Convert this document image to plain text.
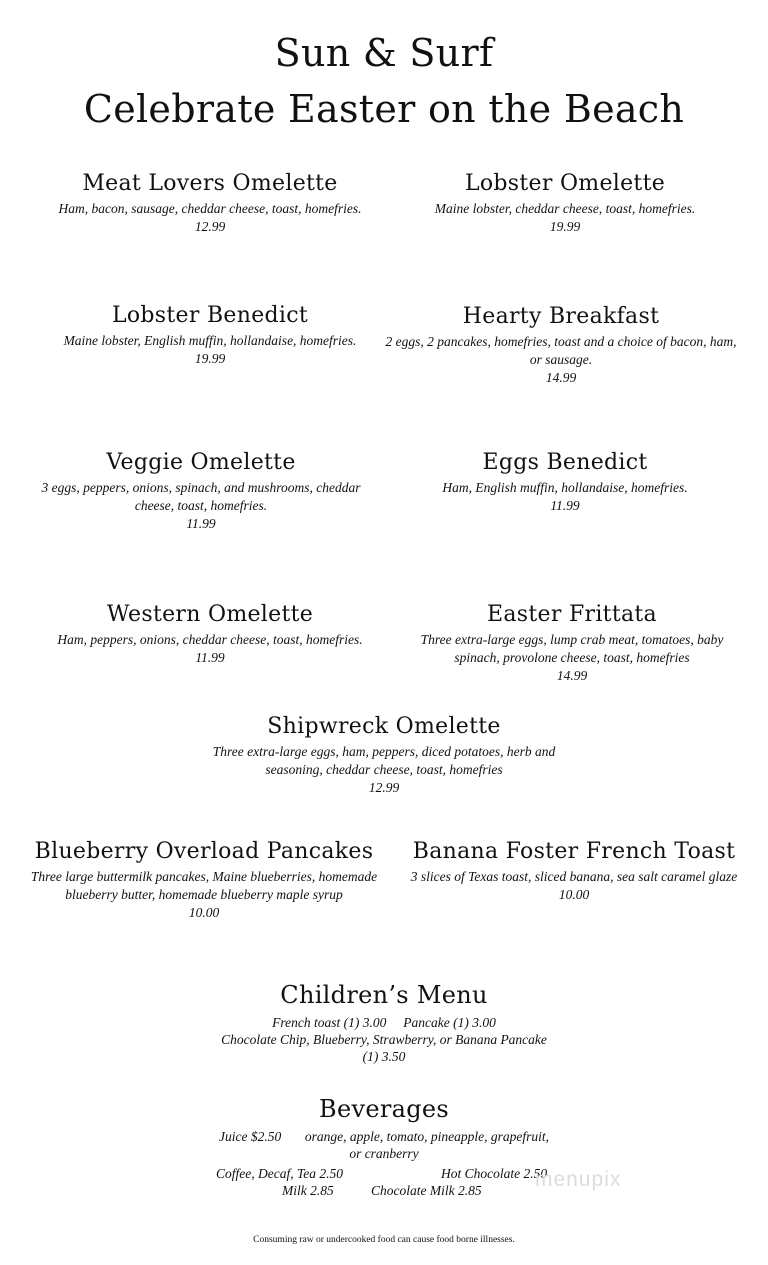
Sun & Surf
Celebrate Easter on the Beach
Meat Lovers Omelette
Ham, bacon, sausage, cheddar cheese, toast, homefries.
12.99
Lobster Omelette
Maine lobster, cheddar cheese, toast, homefries.
19.99
Lobster Benedict
Maine lobster, English muffin, hollandaise, homefries.
19.99
Hearty Breakfast
2 eggs, 2 pancakes, homefries, toast and a choice of bacon, ham, or sausage.
14.99
Veggie Omelette
3 eggs, peppers, onions, spinach, and mushrooms, cheddar cheese, toast, homefries.
11.99
Eggs Benedict
Ham, English muffin, hollandaise, homefries.
11.99
Western Omelette
Ham, peppers, onions, cheddar cheese, toast, homefries.
11.99
Easter Frittata
Three extra-large eggs, lump crab meat, tomatoes, baby spinach, provolone cheese, toast, homefries
14.99
Shipwreck Omelette
Three extra-large eggs, ham, peppers, diced potatoes, herb and seasoning, cheddar cheese, toast, homefries
12.99
Blueberry Overload Pancakes
Three large buttermilk pancakes, Maine blueberries, homemade blueberry butter, homemade blueberry maple syrup
10.00
Banana Foster French Toast
3 slices of Texas toast, sliced banana, sea salt caramel glaze
10.00
Children’s Menu
French toast (1) 3.00     Pancake (1) 3.00
Chocolate Chip, Blueberry, Strawberry, or Banana Pancake
(1) 3.50
Beverages
Juice $2.50       orange, apple, tomato, pineapple, grapefruit,
or cranberry
Coffee, Decaf, Tea 2.50	Hot Chocolate 2.50
Milk 2.85	Chocolate Milk 2.85	menupix
Consuming raw or undercooked food can cause food borne illnesses.
